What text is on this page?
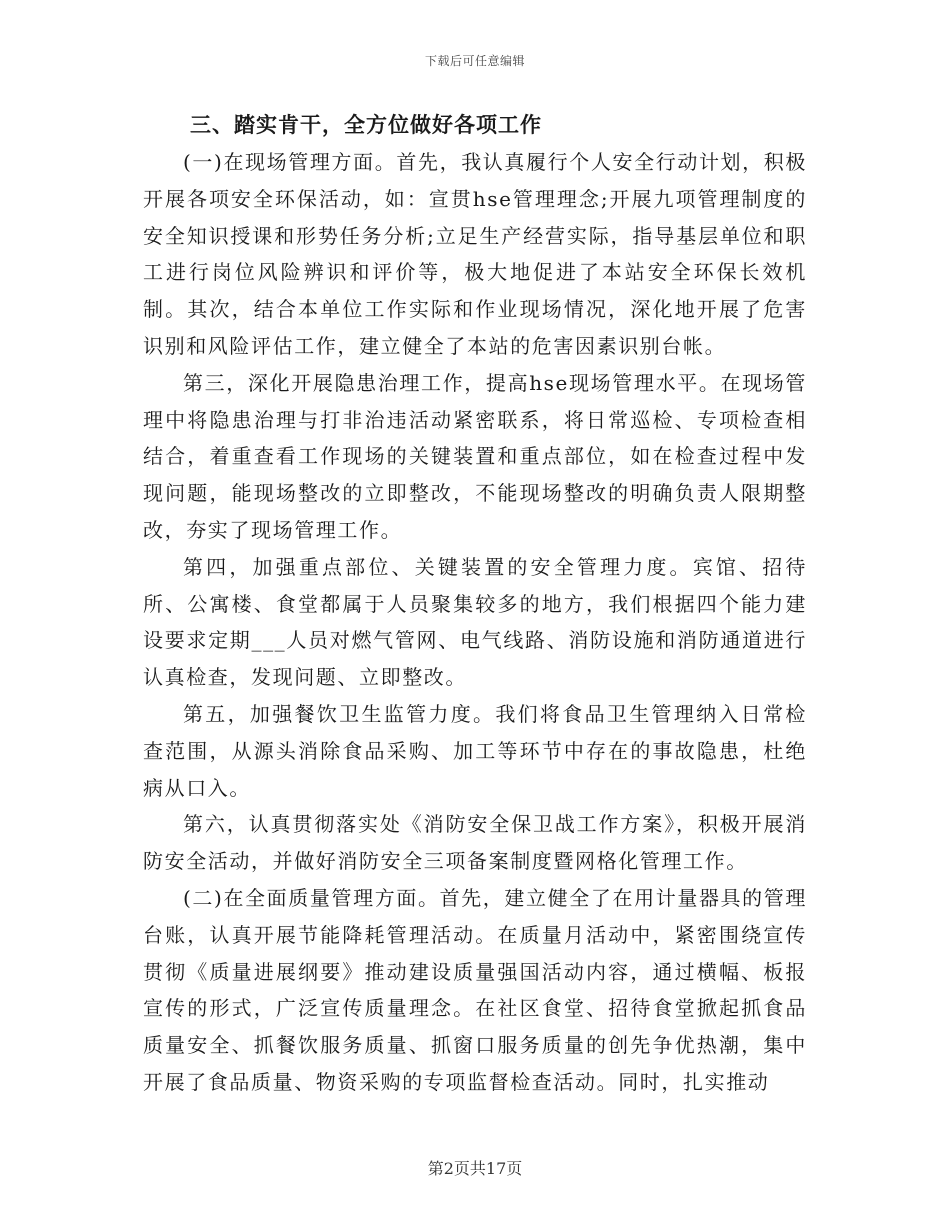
下载后可任意编辑
三、踏实肯干，全方位做好各项工作

(一)在现场管理方面。首先，我认真履行个人安全行动计划，积极开展各项安全环保活动，如：宣贯hse管理理念;开展九项管理制度的安全知识授课和形势任务分析;立足生产经营实际，指导基层单位和职工进行岗位风险辨识和评价等，极大地促进了本站安全环保长效机制。其次，结合本单位工作实际和作业现场情况，深化地开展了危害识别和风险评估工作，建立健全了本站的危害因素识别台帐。

第三，深化开展隐患治理工作，提高hse现场管理水平。在现场管理中将隐患治理与打非治违活动紧密联系，将日常巡检、专项检查相结合，着重查看工作现场的关键装置和重点部位，如在检查过程中发现问题，能现场整改的立即整改，不能现场整改的明确负责人限期整改，夯实了现场管理工作。

第四，加强重点部位、关键装置的安全管理力度。宾馆、招待所、公寓楼、食堂都属于人员聚集较多的地方，我们根据四个能力建设要求定期___人员对燃气管网、电气线路、消防设施和消防通道进行认真检查，发现问题、立即整改。

第五，加强餐饮卫生监管力度。我们将食品卫生管理纳入日常检查范围，从源头消除食品采购、加工等环节中存在的事故隐患，杜绝病从口入。

第六，认真贯彻落实处《消防安全保卫战工作方案》，积极开展消防安全活动，并做好消防安全三项备案制度暨网格化管理工作。

(二)在全面质量管理方面。首先，建立健全了在用计量器具的管理台账，认真开展节能降耗管理活动。在质量月活动中，紧密围绕宣传贯彻《质量进展纲要》推动建设质量强国活动内容，通过横幅、板报宣传的形式，广泛宣传质量理念。在社区食堂、招待食堂掀起抓食品质量安全、抓餐饮服务质量、抓窗口服务质量的创先争优热潮，集中开展了食品质量、物资采购的专项监督检查活动。同时，扎实推动

第2页共17页
